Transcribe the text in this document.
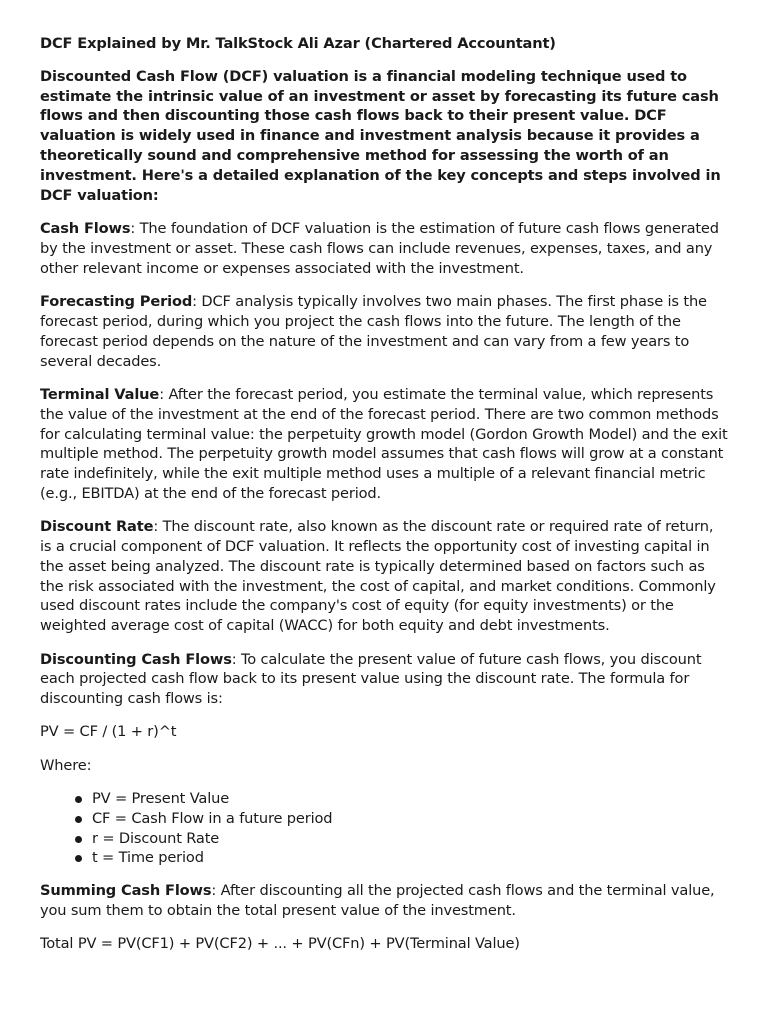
DCF Explained by Mr. TalkStock Ali Azar (Chartered Accountant)

Discounted Cash Flow (DCF) valuation is a financial modeling technique used to estimate the intrinsic value of an investment or asset by forecasting its future cash flows and then discounting those cash flows back to their present value. DCF valuation is widely used in finance and investment analysis because it provides a theoretically sound and comprehensive method for assessing the worth of an investment. Here's a detailed explanation of the key concepts and steps involved in DCF valuation:

Cash Flows: The foundation of DCF valuation is the estimation of future cash flows generated by the investment or asset. These cash flows can include revenues, expenses, taxes, and any other relevant income or expenses associated with the investment.

Forecasting Period: DCF analysis typically involves two main phases. The first phase is the forecast period, during which you project the cash flows into the future. The length of the forecast period depends on the nature of the investment and can vary from a few years to several decades.

Terminal Value: After the forecast period, you estimate the terminal value, which represents the value of the investment at the end of the forecast period. There are two common methods for calculating terminal value: the perpetuity growth model (Gordon Growth Model) and the exit multiple method. The perpetuity growth model assumes that cash flows will grow at a constant rate indefinitely, while the exit multiple method uses a multiple of a relevant financial metric (e.g., EBITDA) at the end of the forecast period.

Discount Rate: The discount rate, also known as the discount rate or required rate of return, is a crucial component of DCF valuation. It reflects the opportunity cost of investing capital in the asset being analyzed. The discount rate is typically determined based on factors such as the risk associated with the investment, the cost of capital, and market conditions. Commonly used discount rates include the company's cost of equity (for equity investments) or the weighted average cost of capital (WACC) for both equity and debt investments.

Discounting Cash Flows: To calculate the present value of future cash flows, you discount each projected cash flow back to its present value using the discount rate. The formula for discounting cash flows is:

PV = CF / (1 + r)^t

Where:

PV = Present Value
CF = Cash Flow in a future period
r = Discount Rate
t = Time period

Summing Cash Flows: After discounting all the projected cash flows and the terminal value, you sum them to obtain the total present value of the investment.

Total PV = PV(CF1) + PV(CF2) + ... + PV(CFn) + PV(Terminal Value)
